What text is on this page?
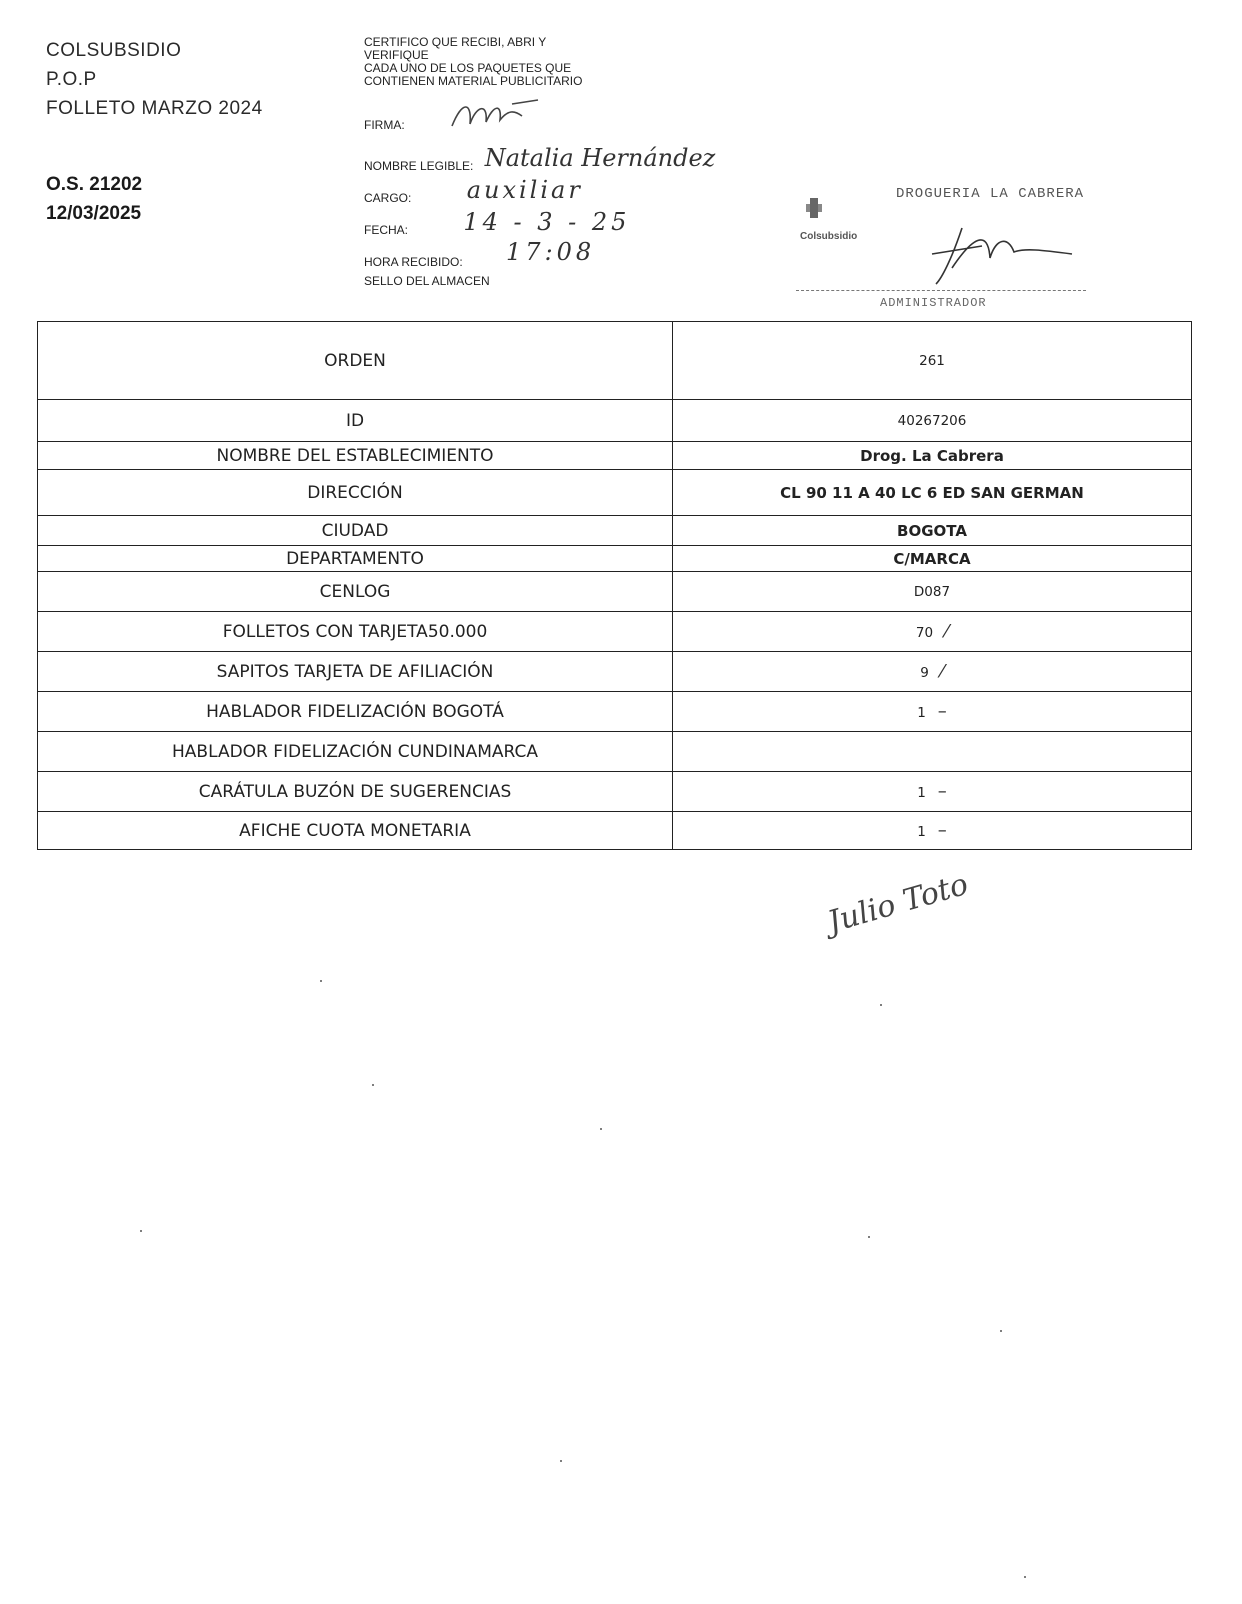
COLSUBSIDIO
P.O.P
FOLLETO MARZO 2024
O.S. 21202
12/03/2025
CERTIFICO QUE RECIBI, ABRI Y
VERIFIQUE
CADA UNO DE LOS PAQUETES QUE
CONTIENEN MATERIAL PUBLICITARIO
FIRMA:
NOMBRE LEGIBLE: Natalia Hernández
CARGO: auxiliar
FECHA: 14 - 3 - 25
HORA RECIBIDO: 17:08
SELLO DEL ALMACEN
DROGUERIA LA CABRERA
Colsubsidio
ADMINISTRADOR
ORDEN	261
ID	40267206
NOMBRE DEL ESTABLECIMIENTO	Drog. La Cabrera
DIRECCIÓN	CL 90 11 A 40 LC 6 ED SAN GERMAN
CIUDAD	BOGOTA
DEPARTAMENTO	C/MARCA
CENLOG	D087
FOLLETOS CON TARJETA50.000	70 ⁄
SAPITOS TARJETA DE AFILIACIÓN	9 ⁄
HABLADOR FIDELIZACIÓN BOGOTÁ	1 –
HABLADOR FIDELIZACIÓN CUNDINAMARCA	
CARÁTULA BUZÓN DE SUGERENCIAS	1 –
AFICHE CUOTA MONETARIA	1 –
Julio Toto
